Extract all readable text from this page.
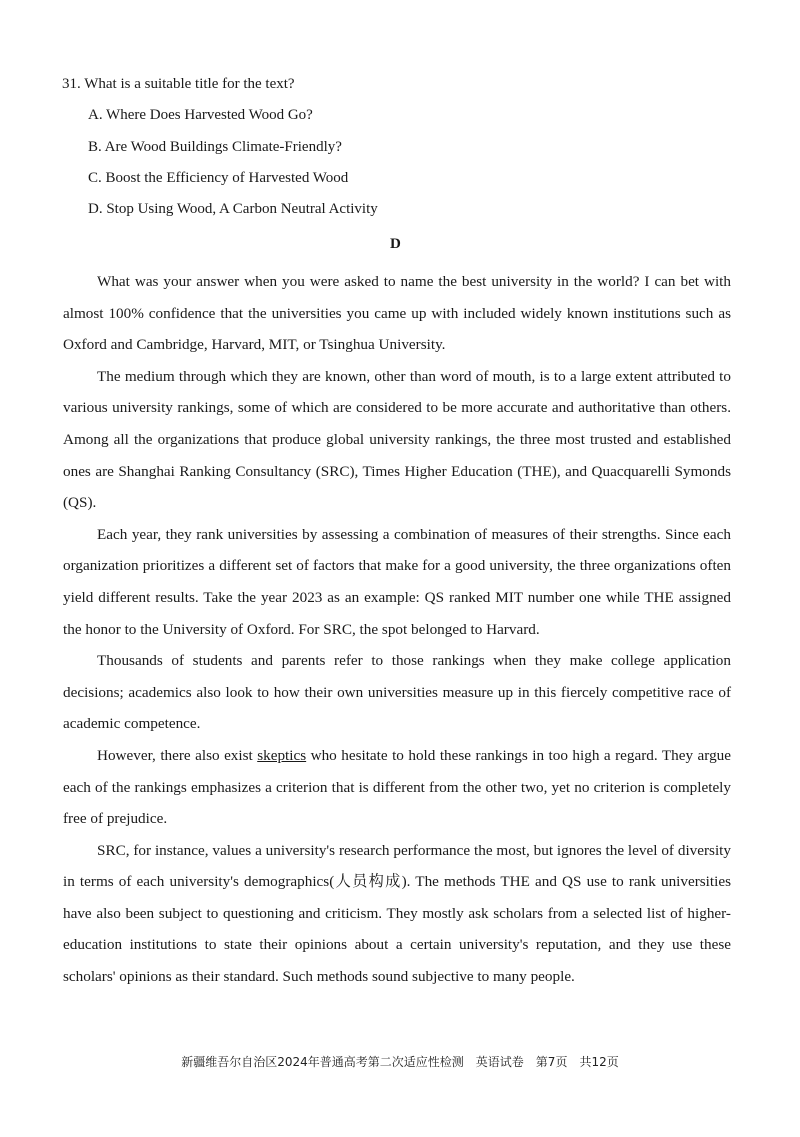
31. What is a suitable title for the text?
A. Where Does Harvested Wood Go?
B. Are Wood Buildings Climate-Friendly?
C. Boost the Efficiency of Harvested Wood
D. Stop Using Wood, A Carbon Neutral Activity
D

What was your answer when you were asked to name the best university in the world? I can bet with almost 100% confidence that the universities you came up with included widely known institutions such as Oxford and Cambridge, Harvard, MIT, or Tsinghua University.

The medium through which they are known, other than word of mouth, is to a large extent attributed to various university rankings, some of which are considered to be more accurate and authoritative than others. Among all the organizations that produce global university rankings, the three most trusted and established ones are Shanghai Ranking Consultancy (SRC), Times Higher Education (THE), and Quacquarelli Symonds (QS).

Each year, they rank universities by assessing a combination of measures of their strengths. Since each organization prioritizes a different set of factors that make for a good university, the three organizations often yield different results. Take the year 2023 as an example: QS ranked MIT number one while THE assigned the honor to the University of Oxford. For SRC, the spot belonged to Harvard.

Thousands of students and parents refer to those rankings when they make college application decisions; academics also look to how their own universities measure up in this fiercely competitive race of academic competence.

However, there also exist skeptics who hesitate to hold these rankings in too high a regard. They argue each of the rankings emphasizes a criterion that is different from the other two, yet no criterion is completely free of prejudice.

SRC, for instance, values a university's research performance the most, but ignores the level of diversity in terms of each university's demographics(人员构成). The methods THE and QS use to rank universities have also been subject to questioning and criticism. They mostly ask scholars from a selected list of higher-education institutions to state their opinions about a certain university's reputation, and they use these scholars' opinions as their standard. Such methods sound subjective to many people.

新疆维吾尔自治区2024年普通高考第二次适应性检测　英语试卷　第7页　共12页
